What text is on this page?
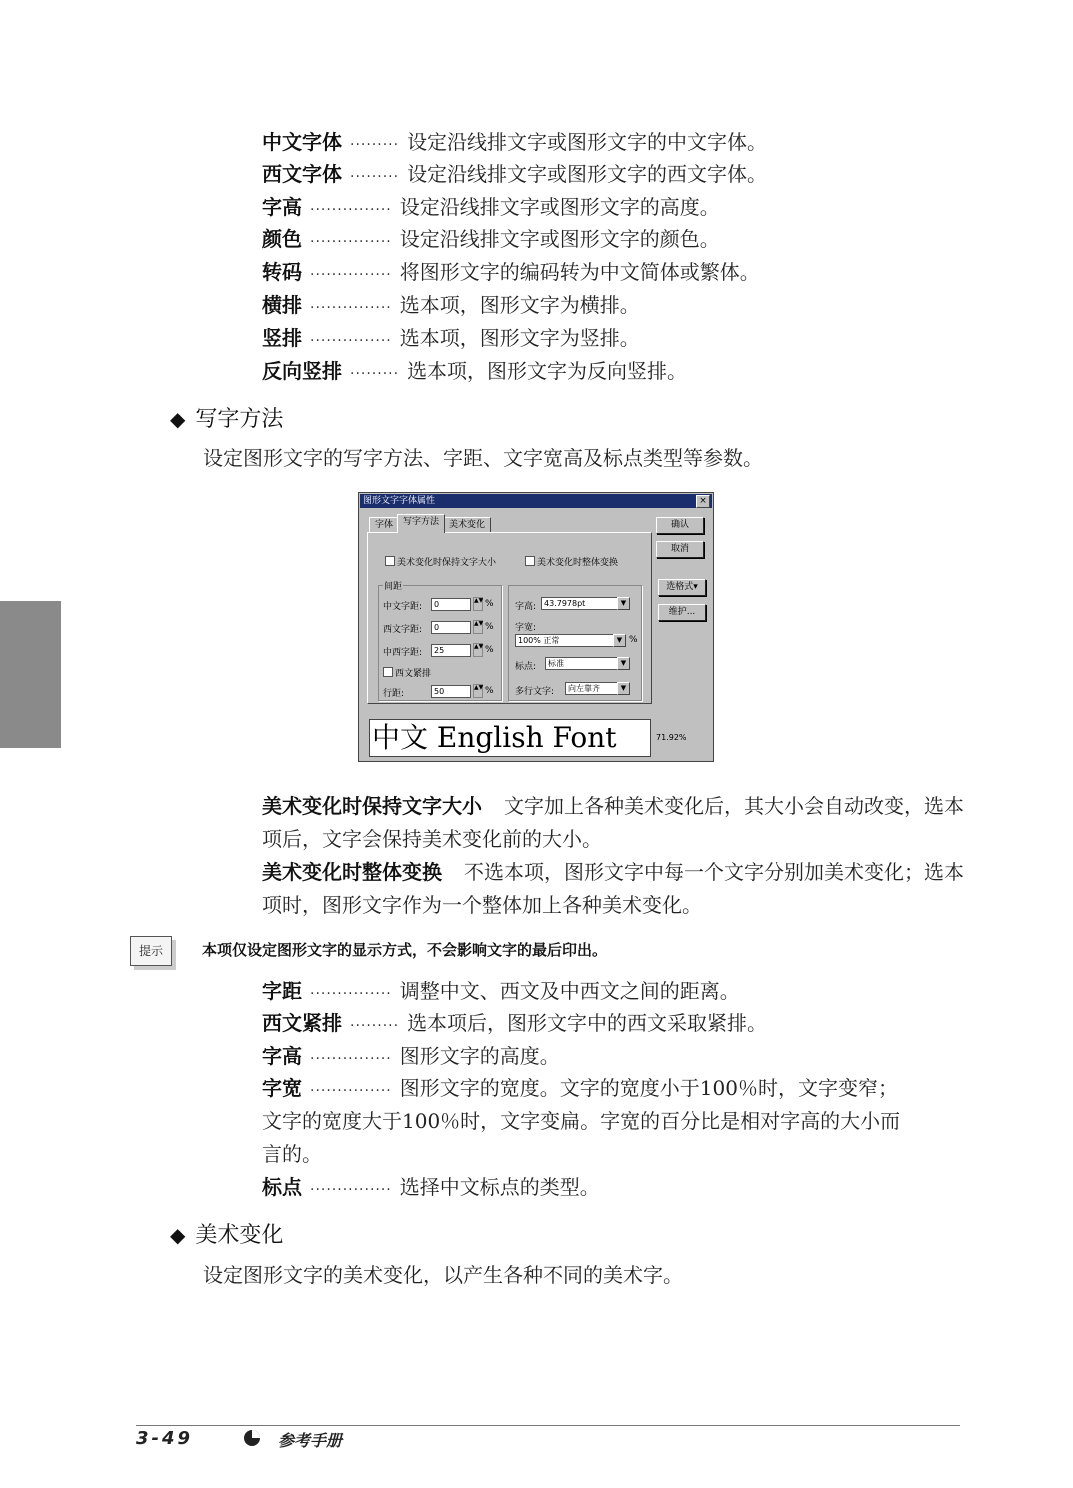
中文字体 ········· 设定沿线排文字或图形文字的中文字体。
西文字体 ········· 设定沿线排文字或图形文字的西文字体。
字高 ··············· 设定沿线排文字或图形文字的高度。
颜色 ··············· 设定沿线排文字或图形文字的颜色。
转码 ··············· 将图形文字的编码转为中文简体或繁体。
横排 ··············· 选本项，图形文字为横排。
竖排 ··············· 选本项，图形文字为竖排。
反向竖排 ········· 选本项，图形文字为反向竖排。
◆ 写字方法
设定图形文字的写字方法、字距、文字宽高及标点类型等参数。
图形文字字体属性	×
字体	写字方法	美术变化
美术变化时保持文字大小	美术变化时整体变换
间距
中文字距:	0	▲▼ %
西文字距:	0	▲▼ %
中西字距:	25	▲▼ %
西文紧排
行距:	50	▲▼ %
字高: 43.7978pt	▼
字宽:
100% 正常	▼ %
标点:	标准	▼
多行文字:	向左靠齐	▼
确认
取消
选格式▾
维护...
中文 English Font	71.92%
美术变化时保持文字大小 文字加上各种美术变化后，其大小会自动改变，选本项后，文字会保持美术变化前的大小。
美术变化时整体变换 不选本项，图形文字中每一个文字分别加美术变化；选本项时，图形文字作为一个整体加上各种美术变化。
提示	本项仅设定图形文字的显示方式，不会影响文字的最后印出。
字距 ··············· 调整中文、西文及中西文之间的距离。
西文紧排 ········· 选本项后，图形文字中的西文采取紧排。
字高 ··············· 图形文字的高度。
字宽 ··············· 图形文字的宽度。文字的宽度小于100％时，文字变窄；
文字的宽度大于100％时，文字变扁。字宽的百分比是相对字高的大小而
言的。
标点 ··············· 选择中文标点的类型。
◆ 美术变化
设定图形文字的美术变化，以产生各种不同的美术字。
3-49	参考手册
